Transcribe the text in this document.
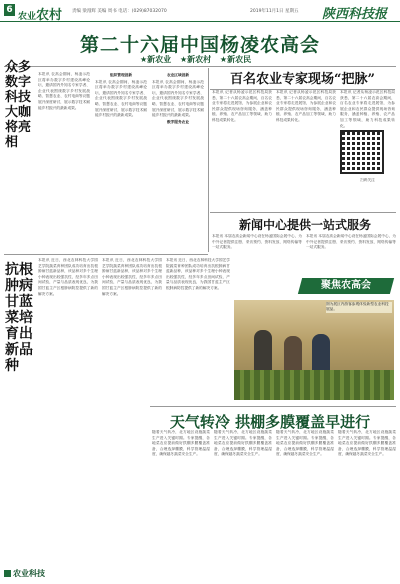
6
农业农村 责编 梁漫辉 美编 周书 电话：(029)87032070	2019年11月1日 星期五 陕西科技报
第二十六届中国杨凌农高会
★新农业 ★新农村 ★新农民
众多数字科技大咖将亮相
本报讯 农高会期间，杨凌示范区将举办数字乡村建设高峰论坛，邀请国内外知名专家学者、企业代表围绕数字乡村发展战略、智慧农业、农村电商等议题展开深度研讨，展示数字技术赋能乡村振兴的最新成果。
组织管理创新
本报讯 农高会期间，杨凌示范区将举办数字乡村建设高峰论坛，邀请国内外知名专家学者、企业代表围绕数字乡村发展战略、智慧农业、农村电商等议题展开深度研讨，展示数字技术赋能乡村振兴的最新成果。
农业区域创新
本报讯 农高会期间，杨凌示范区将举办数字乡村建设高峰论坛，邀请国内外知名专家学者、企业代表围绕数字乡村发展战略、智慧农业、农村电商等议题展开深度研讨，展示数字技术赋能乡村振兴的最新成果。
数字服务农业
百名农业专家现场“把脉”
本报讯 记者从杨凌示范区科技局获悉，第二十六届农高会期间，百名农业专家将走进展馆，为参展企业和农民群众提供现场咨询服务，涵盖种植、养殖、农产品加工等领域，助力科技成果转化。
本报讯 记者从杨凌示范区科技局获悉，第二十六届农高会期间，百名农业专家将走进展馆，为参展企业和农民群众提供现场咨询服务，涵盖种植、养殖、农产品加工等领域，助力科技成果转化。
本报讯 记者从杨凌示范区科技局获悉，第二十六届农高会期间，百名农业专家将走进展馆，为参展企业和农民群众提供现场咨询服务，涵盖种植、养殖、农产品加工等领域，助力科技成果转化。
扫码关注
新闻中心提供一站式服务
本报讯 本届农高会新闻中心设在杨凌国际会展中心，为中外记者提供注册、采访预约、资料发放、网络传输等一站式服务。
本报讯 本届农高会新闻中心设在杨凌国际会展中心，为中外记者提供注册、采访预约、资料发放、网络传输等一站式服务。
聚焦农高会
抗根肿病甘蓝菜培育出新品种
本报讯 近日，西北农林科技大学园艺学院蔬菜育种团队成功培育出抗根肿病甘蓝新品种，该品种对多个生理小种表现出较强抗性，经多年多点田间试验，产量与品质表现优良，为我国甘蓝主产区根肿病防控提供了新的解决方案。
本报讯 近日，西北农林科技大学园艺学院蔬菜育种团队成功培育出抗根肿病甘蓝新品种，该品种对多个生理小种表现出较强抗性，经多年多点田间试验，产量与品质表现优良，为我国甘蓝主产区根肿病防控提供了新的解决方案。
本报讯 近日，西北农林科技大学园艺学院蔬菜育种团队成功培育出抗根肿病甘蓝新品种，该品种对多个生理小种表现出较强抗性，经多年多点田间试验，产量与品质表现优良，为我国甘蓝主产区根肿病防控提供了新的解决方案。
图为展区内游客参观体验新型农业科技展品。
天气转冷 拱棚多膜覆盖早进行
随着天气转冷，北方地区设施蔬菜生产进入关键时期。专家提醒，各地菜农应提前做好拱棚多膜覆盖准备，合理选择棚膜，科学管理温湿度，确保越冬蔬菜安全生产。
随着天气转冷，北方地区设施蔬菜生产进入关键时期。专家提醒，各地菜农应提前做好拱棚多膜覆盖准备，合理选择棚膜，科学管理温湿度，确保越冬蔬菜安全生产。
随着天气转冷，北方地区设施蔬菜生产进入关键时期。专家提醒，各地菜农应提前做好拱棚多膜覆盖准备，合理选择棚膜，科学管理温湿度，确保越冬蔬菜安全生产。
随着天气转冷，北方地区设施蔬菜生产进入关键时期。专家提醒，各地菜农应提前做好拱棚多膜覆盖准备，合理选择棚膜，科学管理温湿度，确保越冬蔬菜安全生产。
农业科技
